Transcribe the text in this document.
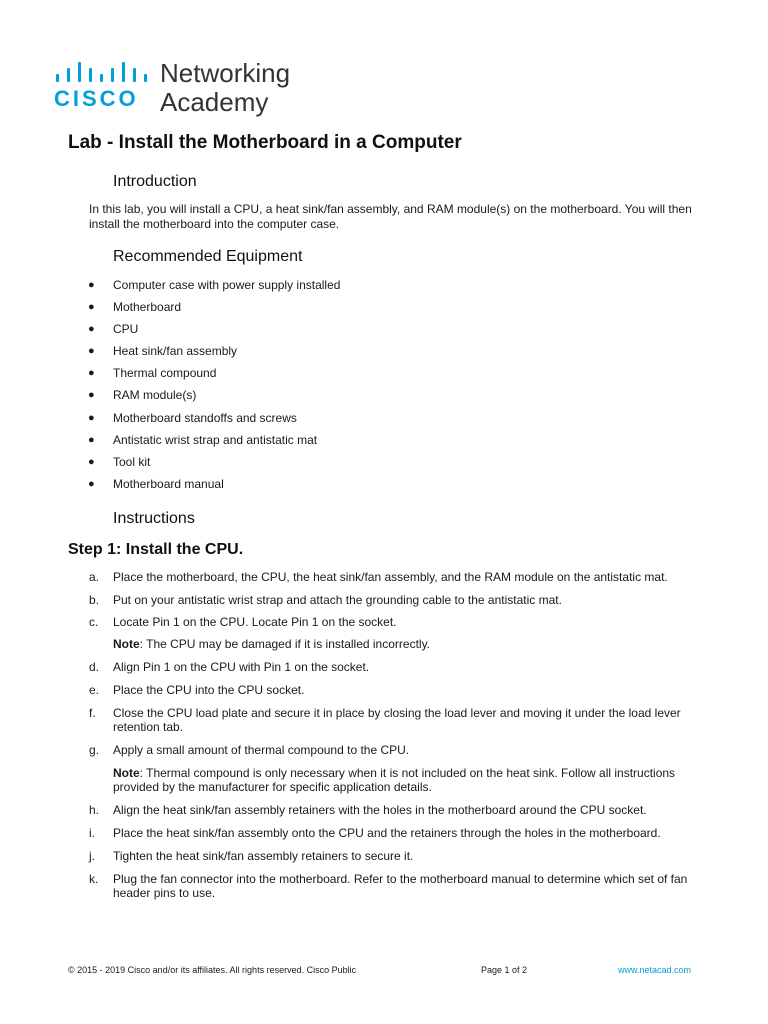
CISCO
Networking
Academy
Lab - Install the Motherboard in a Computer
Introduction
In this lab, you will install a CPU, a heat sink/fan assembly, and RAM module(s) on the motherboard. You will then install the motherboard into the computer case.
Recommended Equipment
● Computer case with power supply installed
● Motherboard
● CPU
● Heat sink/fan assembly
● Thermal compound
● RAM module(s)
● Motherboard standoffs and screws
● Antistatic wrist strap and antistatic mat
● Tool kit
● Motherboard manual
Instructions
Step 1: Install the CPU.
a. Place the motherboard, the CPU, the heat sink/fan assembly, and the RAM module on the antistatic mat.
b. Put on your antistatic wrist strap and attach the grounding cable to the antistatic mat.
c. Locate Pin 1 on the CPU. Locate Pin 1 on the socket.
Note: The CPU may be damaged if it is installed incorrectly.
d. Align Pin 1 on the CPU with Pin 1 on the socket.
e. Place the CPU into the CPU socket.
f. Close the CPU load plate and secure it in place by closing the load lever and moving it under the load lever retention tab.
g. Apply a small amount of thermal compound to the CPU.
Note: Thermal compound is only necessary when it is not included on the heat sink. Follow all instructions provided by the manufacturer for specific application details.
h. Align the heat sink/fan assembly retainers with the holes in the motherboard around the CPU socket.
i. Place the heat sink/fan assembly onto the CPU and the retainers through the holes in the motherboard.
j. Tighten the heat sink/fan assembly retainers to secure it.
k. Plug the fan connector into the motherboard. Refer to the motherboard manual to determine which set of fan header pins to use.
© 2015 - 2019 Cisco and/or its affiliates. All rights reserved. Cisco Public	Page 1 of 2	www.netacad.com
